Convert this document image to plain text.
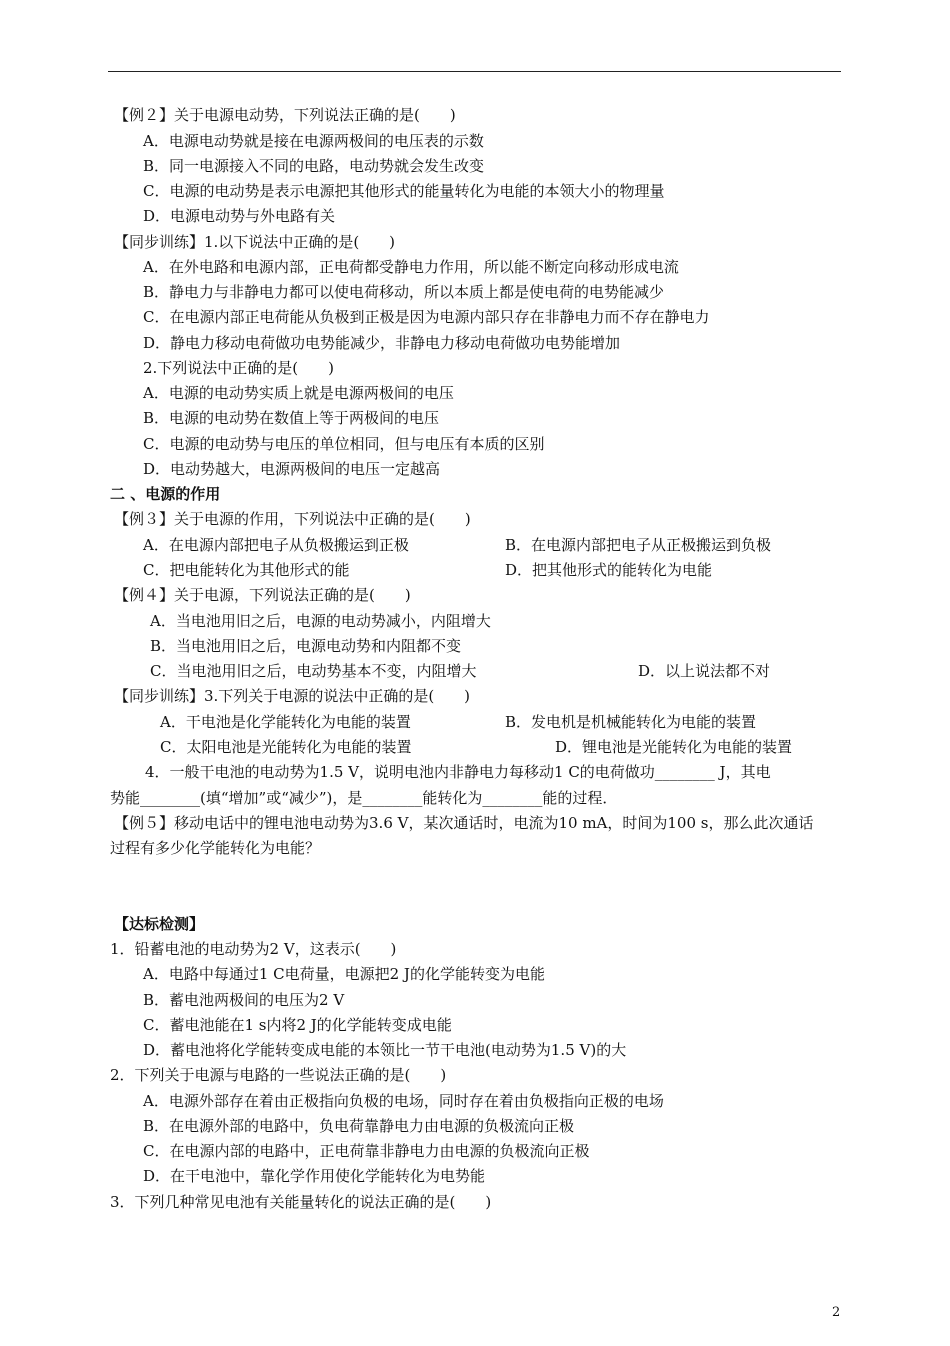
【例２】关于电源电动势，下列说法正确的是(　　)
A．电源电动势就是接在电源两极间的电压表的示数
B．同一电源接入不同的电路，电动势就会发生改变
C．电源的电动势是表示电源把其他形式的能量转化为电能的本领大小的物理量
D．电源电动势与外电路有关
【同步训练】1.以下说法中正确的是(　　)
A．在外电路和电源内部，正电荷都受静电力作用，所以能不断定向移动形成电流
B．静电力与非静电力都可以使电荷移动，所以本质上都是使电荷的电势能减少
C．在电源内部正电荷能从负极到正极是因为电源内部只存在非静电力而不存在静电力
D．静电力移动电荷做功电势能减少，非静电力移动电荷做功电势能增加
2.下列说法中正确的是(　　)
A．电源的电动势实质上就是电源两极间的电压
B．电源的电动势在数值上等于两极间的电压
C．电源的电动势与电压的单位相同，但与电压有本质的区别
D．电动势越大，电源两极间的电压一定越高
二 、电源的作用
【例３】关于电源的作用，下列说法中正确的是(　　)
A．在电源内部把电子从负极搬运到正极	B．在电源内部把电子从正极搬运到负极
C．把电能转化为其他形式的能	D．把其他形式的能转化为电能
【例４】关于电源，下列说法正确的是(　　)
A．当电池用旧之后，电源的电动势减小，内阻增大
B．当电池用旧之后，电源电动势和内阻都不变
C．当电池用旧之后，电动势基本不变，内阻增大	D．以上说法都不对
【同步训练】3.下列关于电源的说法中正确的是(　　)
A．干电池是化学能转化为电能的装置	B．发电机是机械能转化为电能的装置
C．太阳电池是光能转化为电能的装置	D．锂电池是光能转化为电能的装置
4．一般干电池的电动势为1.5 V，说明电池内非静电力每移动1 C的电荷做功________ J，其电
势能________(填“增加”或“减少”)，是________能转化为________能的过程．
【例５】移动电话中的锂电池电动势为3.6 V，某次通话时，电流为10 mA，时间为100 s，那么此次通话
过程有多少化学能转化为电能？
【达标检测】
1．铅蓄电池的电动势为2 V，这表示(　　)
A．电路中每通过1 C电荷量，电源把2 J的化学能转变为电能
B．蓄电池两极间的电压为2 V
C．蓄电池能在1 s内将2 J的化学能转变成电能
D．蓄电池将化学能转变成电能的本领比一节干电池(电动势为1.5 V)的大
2．下列关于电源与电路的一些说法正确的是(　　)
A．电源外部存在着由正极指向负极的电场，同时存在着由负极指向正极的电场
B．在电源外部的电路中，负电荷靠静电力由电源的负极流向正极
C．在电源内部的电路中，正电荷靠非静电力由电源的负极流向正极
D．在干电池中，靠化学作用使化学能转化为电势能
3．下列几种常见电池有关能量转化的说法正确的是(　　)
2
